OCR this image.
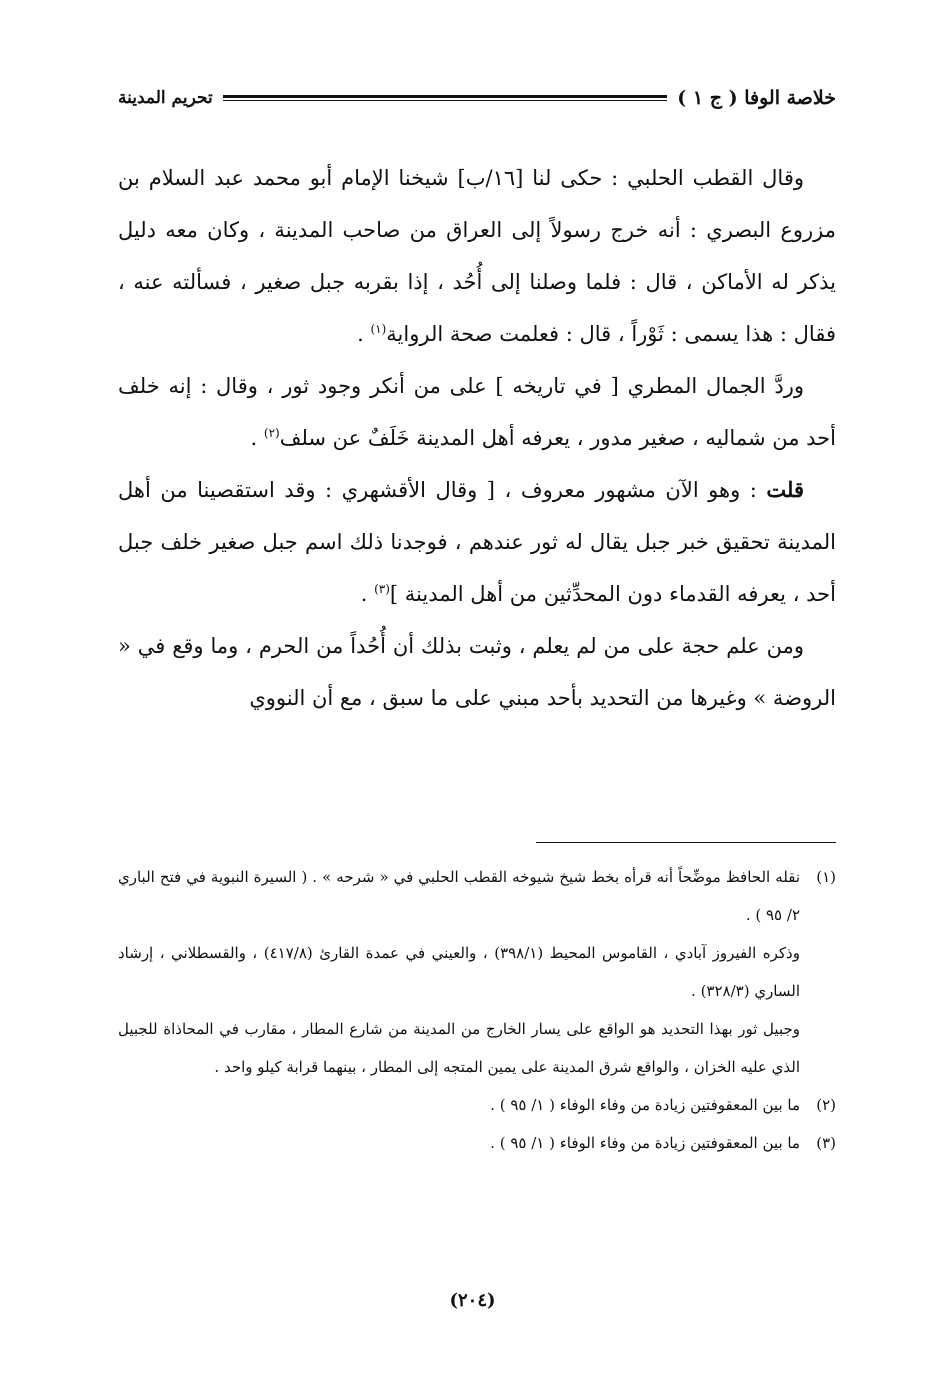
خلاصة الوفا ( ج ١ )
تحريم المدينة

وقال القطب الحلبي : حكى لنا [١٦/ب] شيخنا الإمام أبو محمد عبد السلام بن مزروع البصري : أنه خرج رسولاً إلى العراق من صاحب المدينة ، وكان معه دليل يذكر له الأماكن ، قال : فلما وصلنا إلى أُحُد ، إذا بقربه جبل صغير ، فسألته عنه ، فقال : هذا يسمى : ثَوْراً ، قال : فعلمت صحة الرواية$^{(١)}$ .

وردَّ الجمال المطري [ في تاريخه ] على من أنكر وجود ثور ، وقال : إنه خلف أحد من شماليه ، صغير مدور ، يعرفه أهل المدينة خَلَفٌ عن سلف$^{(٢)}$ .

قلت : وهو الآن مشهور معروف ، [ وقال الأقشهري : وقد استقصينا من أهل المدينة تحقيق خبر جبل يقال له ثور عندهم ، فوجدنا ذلك اسم جبل صغير خلف جبل أحد ، يعرفه القدماء دون المحدِّثين من أهل المدينة ]$^{(٣)}$ .

ومن علم حجة على من لم يعلم ، وثبت بذلك أن أُحُداً من الحرم ، وما وقع في « الروضة » وغيرها من التحديد بأحد مبني على ما سبق ، مع أن النووي

(١)

نقله الحافظ موضِّحاً أنه قرأه بخط شيخ شيوخه القطب الحلبي في « شرحه » . ( السيرة النبوية في فتح الباري ٢/ ٩٥ ) .

وذكره الفيروز آبادي ، القاموس المحيط (٣٩٨/١) ، والعيني في عمدة القارئ (٤١٧/٨) ، والقسطلاني ، إرشاد الساري (٣٢٨/٣) .

وجبيل ثور بهذا التحديد هو الواقع على يسار الخارج من المدينة من شارع المطار ، مقارب في المحاذاة للجبيل الذي عليه الخزان ، والواقع شرق المدينة على يمين المتجه إلى المطار ، بينهما قرابة كيلو واحد .

(٢)

ما بين المعقوفتين زيادة من وفاء الوفاء ( ١/ ٩٥ ) .

(٣)

ما بين المعقوفتين زيادة من وفاء الوفاء ( ١/ ٩٥ ) .

(٢٠٤)
